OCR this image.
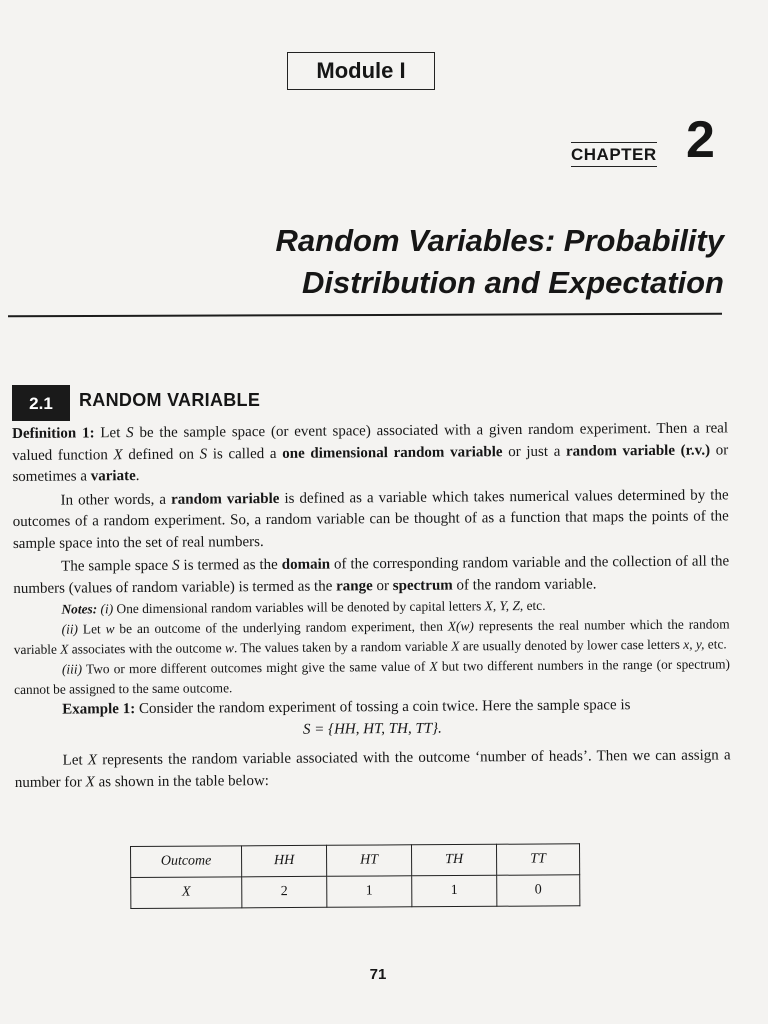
Module I
CHAPTER 2
Random Variables: Probability
Distribution and Expectation
2.1	RANDOM VARIABLE

Definition 1: Let S be the sample space (or event space) associated with a given random experiment. Then a real valued function X defined on S is called a one dimensional random variable or just a random variable (r.v.) or sometimes a variate.

In other words, a random variable is defined as a variable which takes numerical values determined by the outcomes of a random experiment. So, a random variable can be thought of as a function that maps the points of the sample space into the set of real numbers.

The sample space S is termed as the domain of the corresponding random variable and the collection of all the numbers (values of random variable) is termed as the range or spectrum of the random variable.

Notes: (i) One dimensional random variables will be denoted by capital letters X, Y, Z, etc.

(ii) Let w be an outcome of the underlying random experiment, then X(w) represents the real number which the random variable X associates with the outcome w. The values taken by a random variable X are usually denoted by lower case letters x, y, etc.

(iii) Two or more different outcomes might give the same value of X but two different numbers in the range (or spectrum) cannot be assigned to the same outcome.

Example 1: Consider the random experiment of tossing a coin twice. Here the sample space is

S = {HH, HT, TH, TT}.

Let X represents the random variable associated with the outcome ‘number of heads’. Then we can assign a number for X as shown in the table below:

Outcome	HH	HT	TH	TT
X	2	1	1	0
71
